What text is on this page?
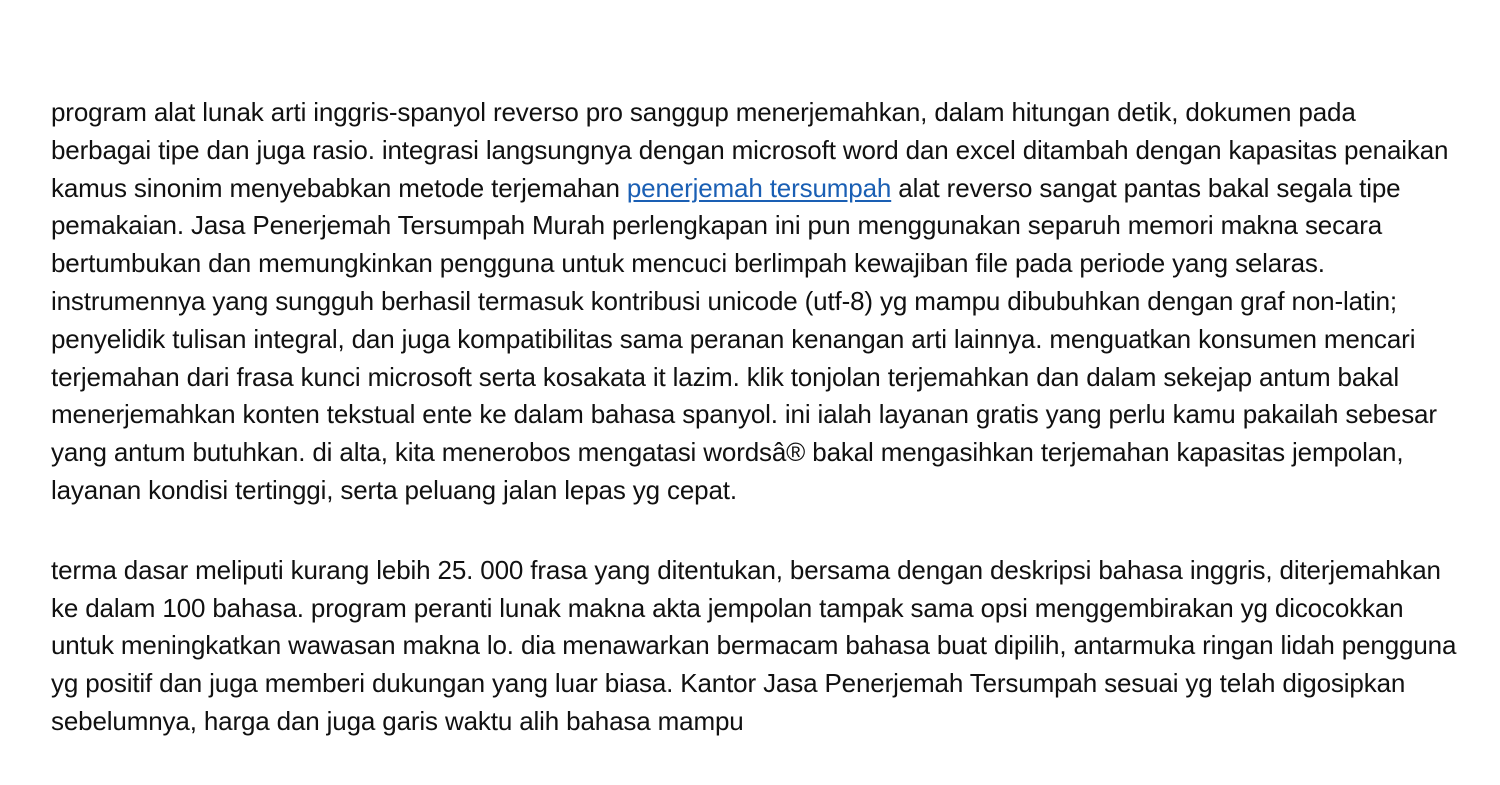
program alat lunak arti inggris-spanyol reverso pro sanggup menerjemahkan, dalam hitungan detik, dokumen pada berbagai tipe dan juga rasio. integrasi langsungnya dengan microsoft word dan excel ditambah dengan kapasitas penaikan kamus sinonim menyebabkan metode terjemahan penerjemah tersumpah alat reverso sangat pantas bakal segala tipe pemakaian. Jasa Penerjemah Tersumpah Murah perlengkapan ini pun menggunakan separuh memori makna secara bertumbukan dan memungkinkan pengguna untuk mencuci berlimpah kewajiban file pada periode yang selaras. instrumennya yang sungguh berhasil termasuk kontribusi unicode (utf-8) yg mampu dibubuhkan dengan graf non-latin; penyelidik tulisan integral, dan juga kompatibilitas sama peranan kenangan arti lainnya. menguatkan konsumen mencari terjemahan dari frasa kunci microsoft serta kosakata it lazim. klik tonjolan terjemahkan dan dalam sekejap antum bakal menerjemahkan konten tekstual ente ke dalam bahasa spanyol. ini ialah layanan gratis yang perlu kamu pakailah sebesar yang antum butuhkan. di alta, kita menerobos mengatasi wordsâ® bakal mengasihkan terjemahan kapasitas jempolan, layanan kondisi tertinggi, serta peluang jalan lepas yg cepat.

terma dasar meliputi kurang lebih 25. 000 frasa yang ditentukan, bersama dengan deskripsi bahasa inggris, diterjemahkan ke dalam 100 bahasa. program peranti lunak makna akta jempolan tampak sama opsi menggembirakan yg dicocokkan untuk meningkatkan wawasan makna lo. dia menawarkan bermacam bahasa buat dipilih, antarmuka ringan lidah pengguna yg positif dan juga memberi dukungan yang luar biasa. Kantor Jasa Penerjemah Tersumpah sesuai yg telah digosipkan sebelumnya, harga dan juga garis waktu alih bahasa mampu
